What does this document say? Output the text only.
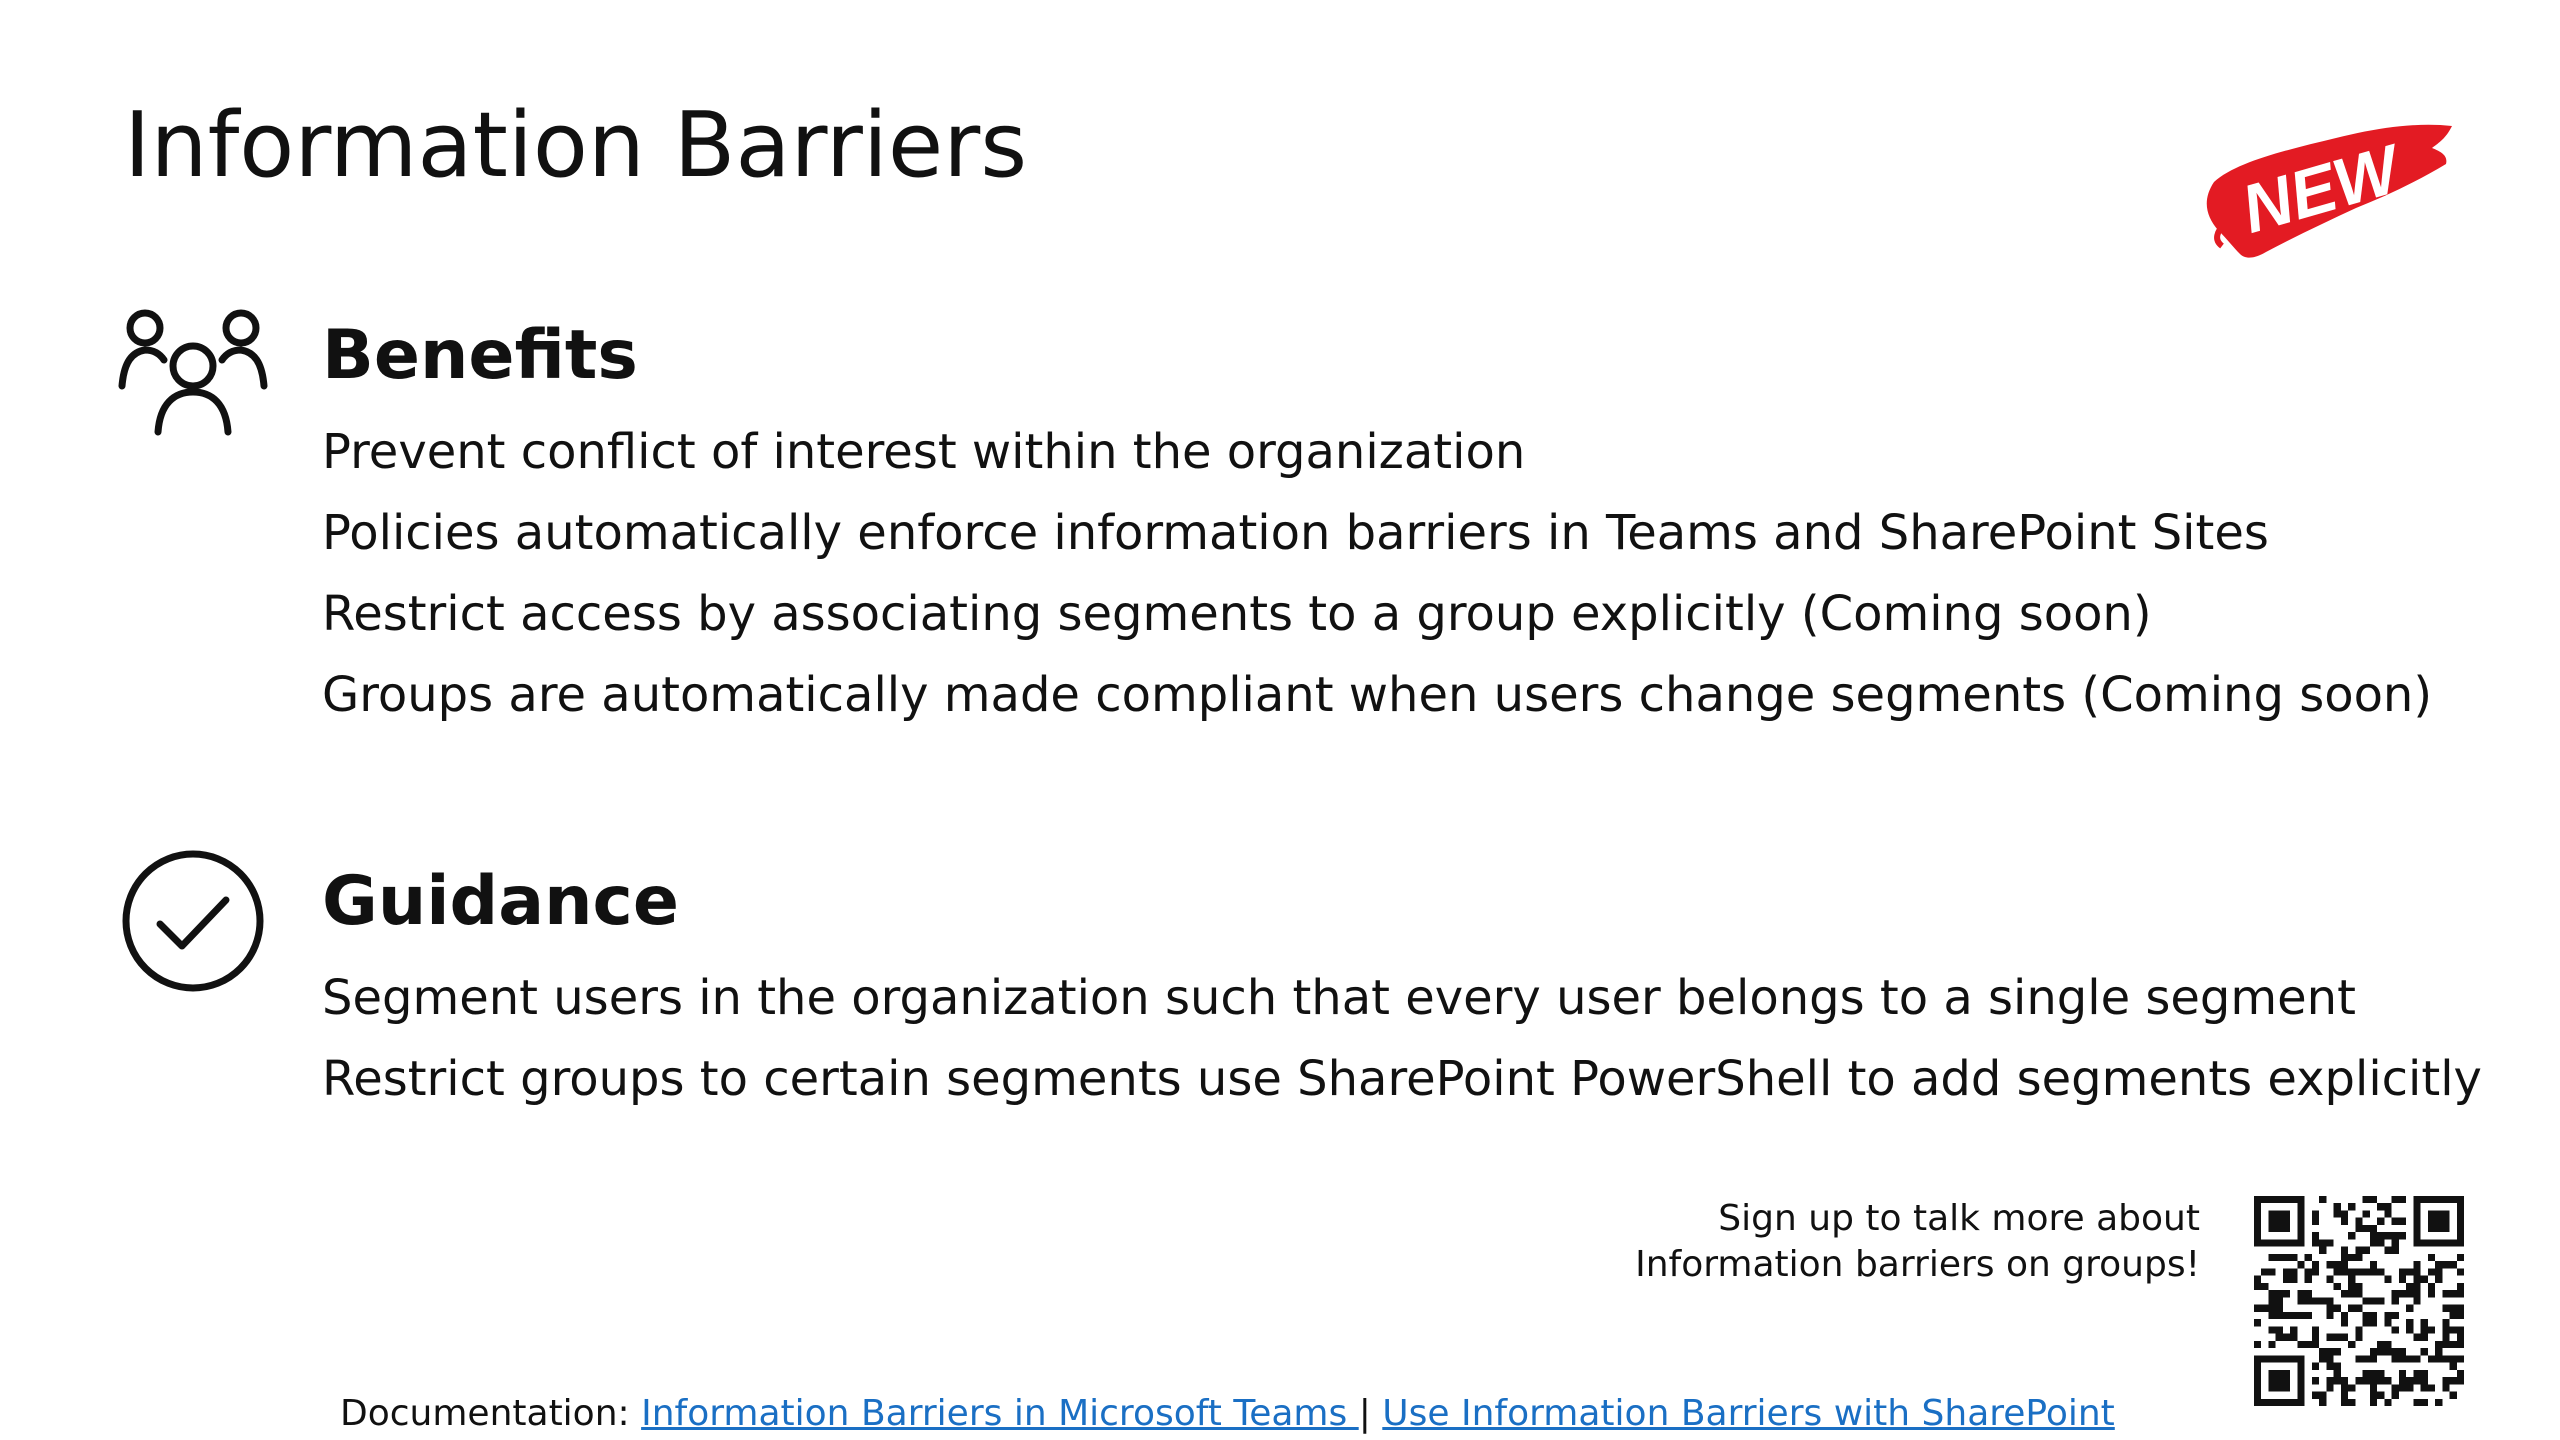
Information Barriers	NEW
Benefits
Prevent conflict of interest within the organization
Policies automatically enforce information barriers in Teams and SharePoint Sites
Restrict access by associating segments to a group explicitly (Coming soon)
Groups are automatically made compliant when users change segments (Coming soon)
Guidance
Segment users in the organization such that every user belongs to a single segment
Restrict groups to certain segments use SharePoint PowerShell to add segments explicitly
Sign up to talk more about
Information barriers on groups!
Documentation: Information Barriers in Microsoft Teams | Use Information Barriers with SharePoint
